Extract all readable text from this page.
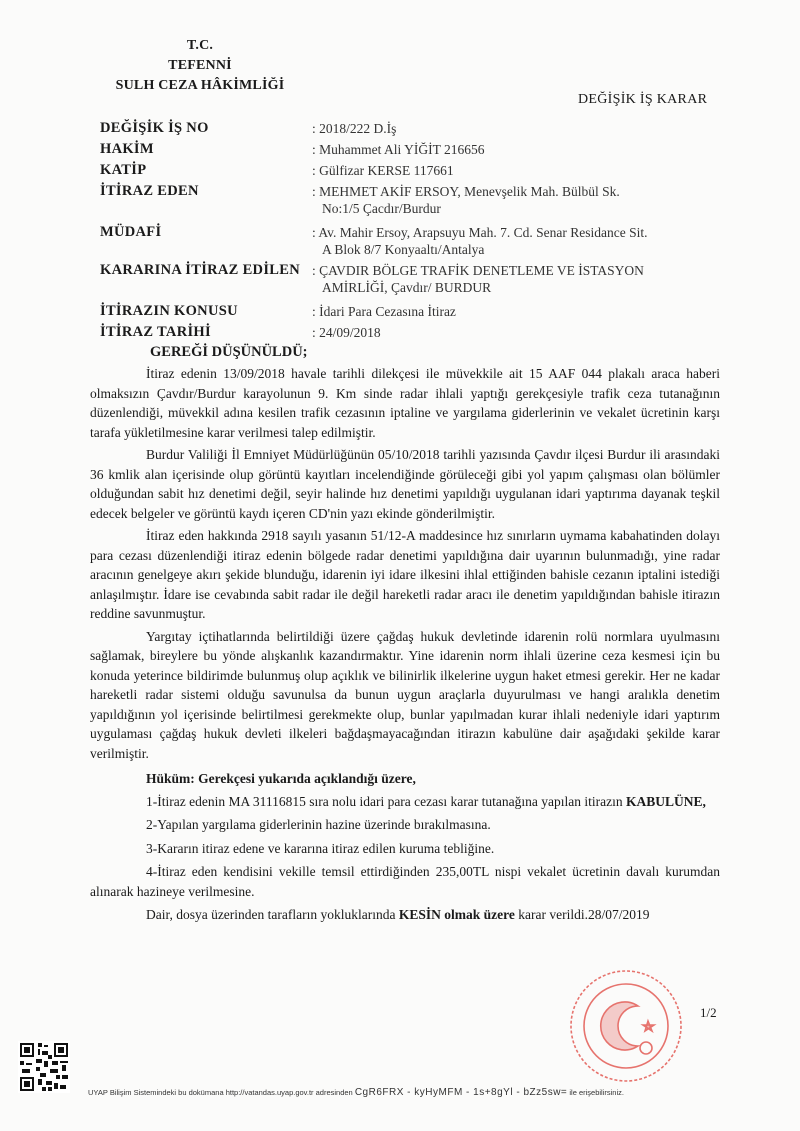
T.C.
TEFENNİ
SULH CEZA HÂKİMLİĞİ
DEĞİŞİK İŞ KARAR
DEĞİŞİK İŞ NO	: 2018/222 D.İş
HAKİM	: Muhammet Ali YİĞİT 216656
KATİP	: Gülfizar KERSE 117661
İTİRAZ EDEN	: MEHMET AKİF ERSOY, Menevşelik Mah. Bülbül Sk.
No:1/5 Çacdır/Burdur
MÜDAFİ	: Av. Mahir Ersoy, Arapsuyu Mah. 7. Cd. Senar Residance Sit.
A Blok 8/7 Konyaaltı/Antalya
KARARINA İTİRAZ EDİLEN : ÇAVDIR BÖLGE TRAFİK DENETLEME VE İSTASYON
AMİRLİĞİ, Çavdır/ BURDUR
İTİRAZIN KONUSU	: İdari Para Cezasına İtiraz
İTİRAZ TARİHİ	: 24/09/2018
GEREĞİ DÜŞÜNÜLDÜ;

İtiraz edenin 13/09/2018 havale tarihli dilekçesi ile müvekkile ait 15 AAF 044 plakalı araca haberi olmaksızın Çavdır/Burdur karayolunun 9. Km sinde radar ihlali yaptığı gerekçesiyle trafik ceza tutanağının düzenlendiği, müvekkil adına kesilen trafik cezasının iptaline ve yargılama giderlerinin ve vekalet ücretinin karşı tarafa yükletilmesine karar verilmesi talep edilmiştir.

Burdur Valiliği İl Emniyet Müdürlüğünün 05/10/2018 tarihli yazısında Çavdır ilçesi Burdur ili arasındaki 36 kmlik alan içerisinde olup görüntü kayıtları incelendiğinde görüleceği gibi yol yapım çalışması olan bölümler olduğundan sabit hız denetimi değil, seyir halinde hız denetimi yapıldığı uygulanan idari yaptırıma dayanak teşkil edecek belgeler ve görüntü kaydı içeren CD'nin yazı ekinde gönderilmiştir.

İtiraz eden hakkında 2918 sayılı yasanın 51/12-A maddesince hız sınırların uymama kabahatinden dolayı para cezası düzenlendiği itiraz edenin bölgede radar denetimi yapıldığına dair uyarının bulunmadığı, yine radar aracının genelgeye akırı şekide blunduğu, idarenin iyi idare ilkesini ihlal ettiğinden bahisle cezanın iptalini istediği anlaşılmıştır. İdare ise cevabında sabit radar ile değil hareketli radar aracı ile denetim yapıldığından bahisle itirazın reddine savunmuştur.

Yargıtay içtihatlarında belirtildiği üzere çağdaş hukuk devletinde idarenin rolü normlara uyulmasını sağlamak, bireylere bu yönde alışkanlık kazandırmaktır. Yine idarenin norm ihlali üzerine ceza kesmesi için bu konuda yeterince bildirimde bulunmuş olup açıklık ve bilinirlik ilkelerine uygun haket etmesi gerekir. Her ne kadar hareketli radar sistemi olduğu savunulsa da bunun uygun araçlarla duyurulması ve hangi aralıkla denetim yapıldığının yol içerisinde belirtilmesi gerekmekte olup, bunlar yapılmadan kurar ihlali nedeniyle idari yaptırım uygulaması çağdaş hukuk devleti ilkeleri bağdaşmayacağından itirazın kabulüne dair aşağıdaki şekilde karar verilmiştir.

Hüküm: Gerekçesi yukarıda açıklandığı üzere,

1-İtiraz edenin MA 31116815 sıra nolu idari para cezası karar tutanağına yapılan itirazın KABULÜNE,

2-Yapılan yargılama giderlerinin hazine üzerinde bırakılmasına.

3-Kararın itiraz edene ve kararına itiraz edilen kuruma tebliğine.

4-İtiraz eden kendisini vekille temsil ettirdiğinden 235,00TL nispi vekalet ücretinin davalı kurumdan alınarak hazineye verilmesine.

Dair, dosya üzerinden tarafların yokluklarında KESİN olmak üzere karar verildi.28/07/2019

1/2
UYAP Bilişim Sistemindeki bu dokümana http://vatandas.uyap.gov.tr adresinden CgR6FRX - kyHyMFM - 1s+8gYl - bZz5sw= ile erişebilirsiniz.
